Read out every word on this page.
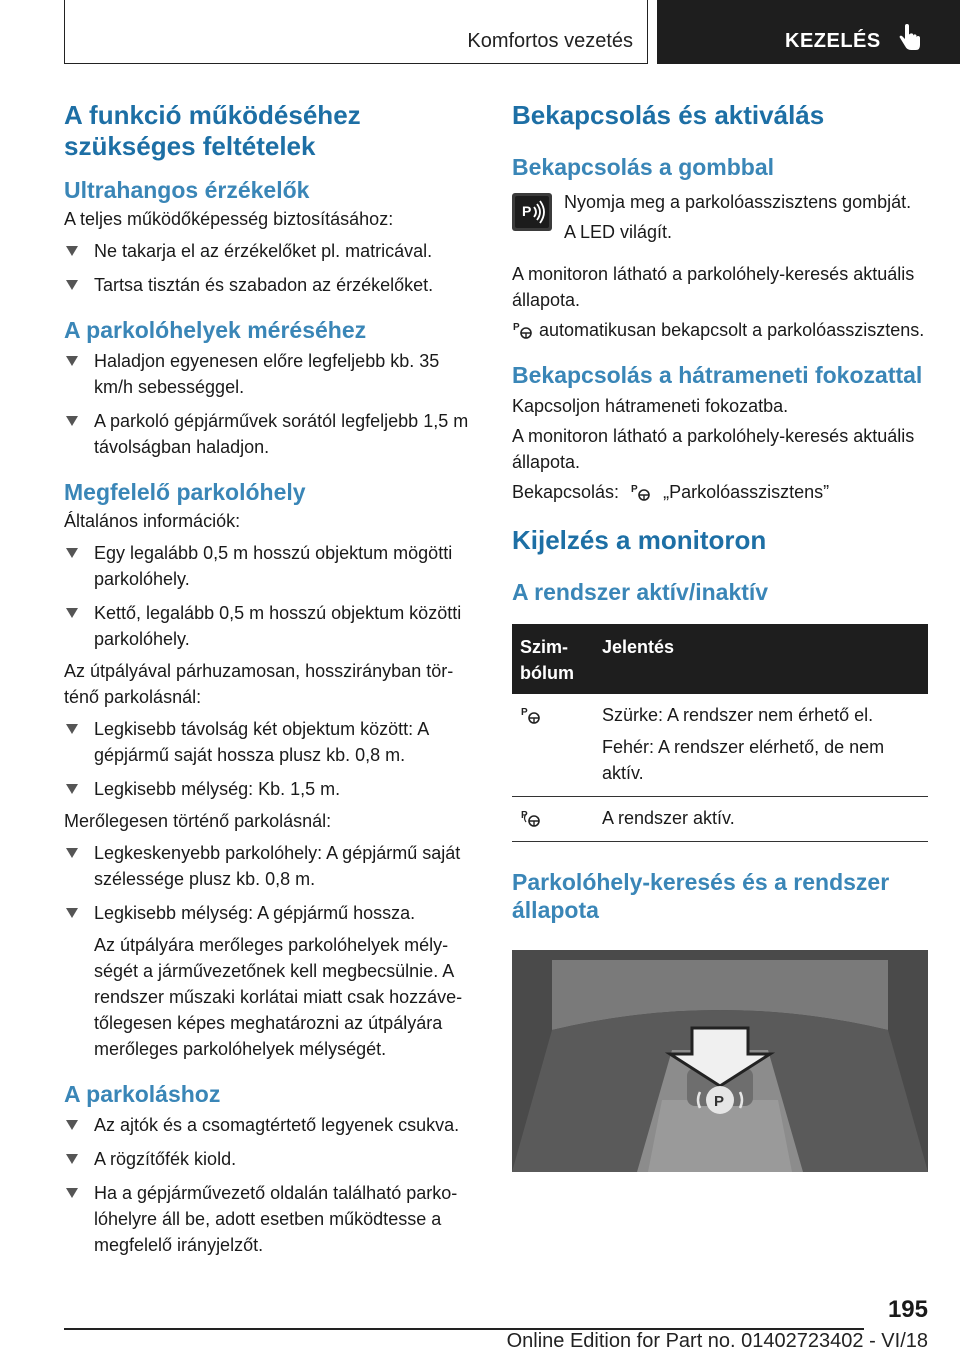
Komfortos vezetés	KEZELÉS
A funkció működéséhez szükséges feltételek
Ultrahangos érzékelők

A teljes működőképesség biztosításához:

Ne takarja el az érzékelőket pl. matricával.
Tartsa tisztán és szabadon az érzékelőket.
A parkolóhelyek méréséhez
Haladjon egyenesen előre legfeljebb kb. 35 km/h sebességgel.
A parkoló gépjárművek sorától legfeljebb 1,5 m távolságban haladjon.
Megfelelő parkolóhely

Általános információk:

Egy legalább 0,5 m hosszú objektum mögötti parkolóhely.
Kettő, legalább 0,5 m hosszú objektum közötti parkolóhely.

Az útpályával párhuzamosan, hosszirányban történő parkolásnál:

Legkisebb távolság két objektum között: A gépjármű saját hossza plusz kb. 0,8 m.
Legkisebb mélység: Kb. 1,5 m.

Merőlegesen történő parkolásnál:

Legkeskenyebb parkolóhely: A gépjármű saját szélessége plusz kb. 0,8 m.
Legkisebb mélység: A gépjármű hossza.

Az útpályára merőleges parkolóhelyek mélységét a járművezetőnek kell megbecsülnie. A rendszer műszaki korlátai miatt csak hozzávetőlegesen képes meghatározni az útpályára merőleges parkolóhelyek mélységét.

A parkoláshoz
Az ajtók és a csomagtértető legyenek csukva.
A rögzítőfék kiold.
Ha a gépjárművezető oldalán található parkolóhelyre áll be, adott esetben működtesse a megfelelő irányjelzőt.
Bekapcsolás és aktiválás
Bekapcsolás a gombbal
P Nyomja meg a parkolóasszisztens gombját.

A LED világít.

A monitoron látható a parkolóhely-keresés aktuális állapota.

P automatikusan bekapcsolt a parkolóasszisztens.

Bekapcsolás a hátrameneti fokozattal

Kapcsoljon hátrameneti fokozatba.

A monitoron látható a parkolóhely-keresés aktuális állapota.

Bekapcsolás: P „Parkolóasszisztens”

Kijelzés a monitoron
A rendszer aktív/inaktív
Szimbólum	Jelentés

P	Szürke: A rendszer nem érhető el.
Fehér: A rendszer elérhető, de nem aktív.

P	A rendszer aktív.
Parkolóhely-keresés és a rendszer állapota
P
195
Online Edition for Part no. 01402723402 - VI/18
